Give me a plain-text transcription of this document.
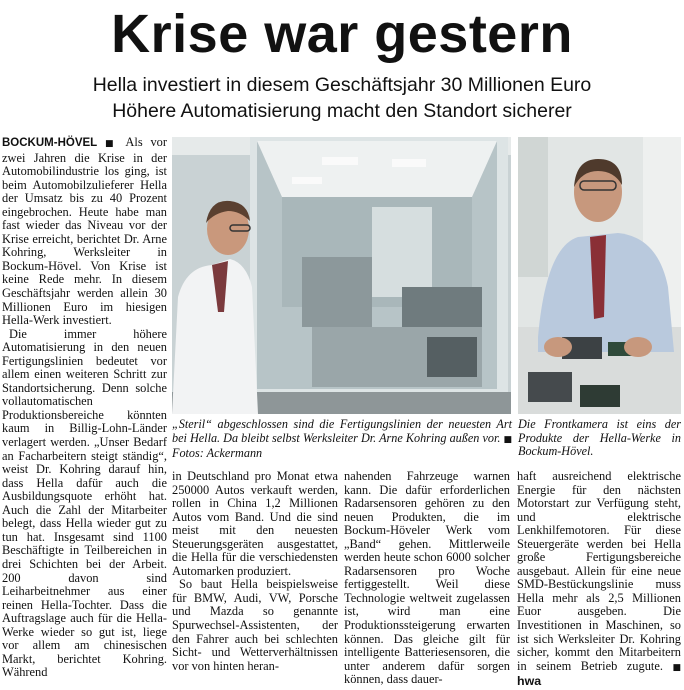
Krise war gestern
Hella investiert in diesem Geschäftsjahr 30 Millionen Euro
Höhere Automatisierung macht den Standort sicherer

BOCKUM-HÖVEL ■ Als vor zwei Jahren die Krise in der Automobilindustrie los ging, ist beim Automobilzulieferer Hella der Umsatz bis zu 40 Prozent eingebrochen. Heute habe man fast wieder das Niveau vor der Krise erreicht, berichtet Dr. Arne Kohring, Werksleiter in Bockum-Hövel. Von Krise ist keine Rede mehr. In diesem Geschäftsjahr werden allein 30 Millionen Euro im hiesigen Hella-Werk investiert.

Die immer höhere Automatisierung in den neuen Fertigungslinien bedeutet vor allem einen weiteren Schritt zur Standortsicherung. Denn solche vollautomatischen Produktionsbereiche könnten kaum in Billig-Lohn-Länder verlagert werden. „Unser Bedarf an Facharbeitern steigt ständig“, weist Dr. Kohring darauf hin, dass Hella dafür auch die Ausbildungsquote erhöht hat. Auch die Zahl der Mitarbeiter belegt, dass Hella wieder gut zu tun hat. Insgesamt sind 1100 Beschäftigte in Teilbereichen in drei Schichten bei der Arbeit. 200 davon sind Leiharbeitnehmer aus einer reinen Hella-Tochter. Dass die Auftragslage auch für die Hella-Werke wieder so gut ist, liege vor allem am chinesischen Markt, berichtet Kohring. Während

„Steril“ abgeschlossen sind die Fertigungslinien der neuesten Art bei Hella. Da bleibt selbst Werksleiter Dr. Arne Kohring außen vor. ■ Fotos: Ackermann
Die Frontkamera ist eins der Produkte der Hella-Werke in Bockum-Hövel.

in Deutschland pro Monat etwa 250000 Autos verkauft werden, rollen in China 1,2 Millionen Autos vom Band. Und die sind meist mit den neuesten Steuerungsgeräten ausgestattet, die Hella für die verschiedensten Automarken produziert.

So baut Hella beispielsweise für BMW, Audi, VW, Porsche und Mazda so genannte Spurwechsel-Assistenten, der den Fahrer auch bei schlechten Sicht- und Wetterverhältnissen vor von hinten heran-

nahenden Fahrzeuge warnen kann. Die dafür erforderlichen Radarsensoren gehören zu den neuen Produkten, die im Bockum-Höveler Werk vom „Band“ gehen. Mittlerweile werden heute schon 6000 solcher Radarsensoren pro Woche fertiggestellt. Weil diese Technologie weltweit zugelassen ist, wird man eine Produktionssteigerung erwarten können. Das gleiche gilt für intelligente Batteriesensoren, die unter anderem dafür sorgen können, dass dauer-

haft ausreichend elektrische Energie für den nächsten Motorstart zur Verfügung steht, und elektrische Lenkhilfemotoren. Für diese Steuergeräte werden bei Hella große Fertigungsbereiche ausgebaut. Allein für eine neue SMD-Bestückungslinie muss Hella mehr als 2,5 Millionen Euor ausgeben. Die Investitionen in Maschinen, so ist sich Werksleiter Dr. Kohring sicher, kommt den Mitarbeitern in seinem Betrieb zugute. ■ hwa
